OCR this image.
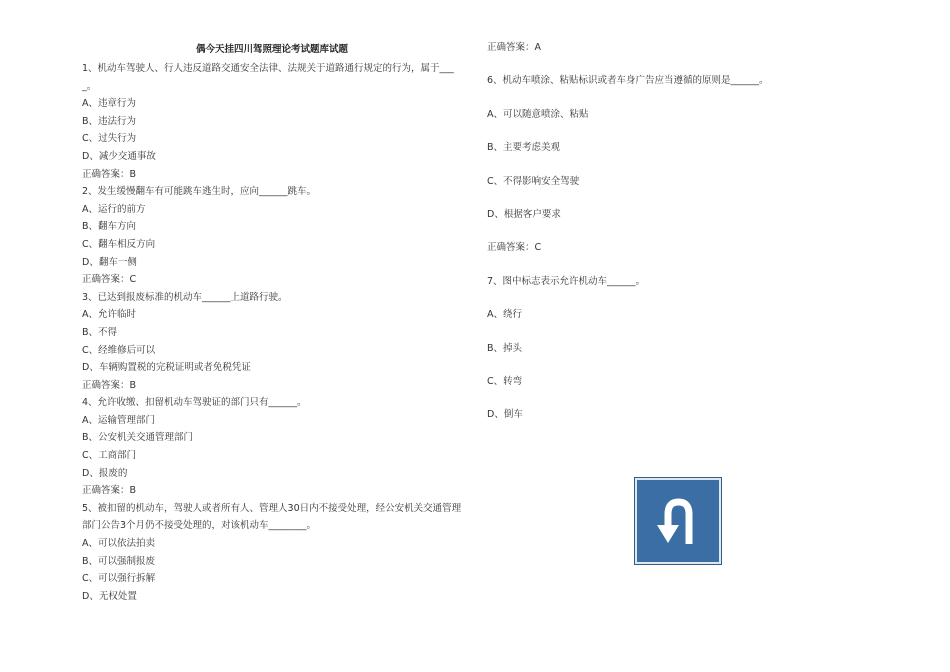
偶今天挂四川驾照理论考试题库试题
1、机动车驾驶人、行人违反道路交通安全法律、法规关于道路通行规定的行为，属于____。
A、违章行为
B、违法行为
C、过失行为
D、减少交通事故
正确答案：B
2、发生缓慢翻车有可能跳车逃生时，应向______跳车。
A、运行的前方
B、翻车方向
C、翻车相反方向
D、翻车一侧
正确答案：C
3、已达到报废标准的机动车______上道路行驶。
A、允许临时
B、不得
C、经维修后可以
D、车辆购置税的完税证明或者免税凭证
正确答案：B
4、允许收缴、扣留机动车驾驶证的部门只有______。
A、运输管理部门
B、公安机关交通管理部门
C、工商部门
D、报废的
正确答案：B
5、被扣留的机动车，驾驶人或者所有人、管理人30日内不接受处理，经公安机关交通管理部门公告3个月仍不接受处理的，对该机动车________。
A、可以依法拍卖
B、可以强制报废
C、可以强行拆解
D、无权处置
正确答案：A
6、机动车喷涂、粘贴标识或者车身广告应当遵循的原则是______。
A、可以随意喷涂、粘贴
B、主要考虑美观
C、不得影响安全驾驶
D、根据客户要求
正确答案：C
7、图中标志表示允许机动车______。
A、绕行
B、掉头
C、转弯
D、倒车
